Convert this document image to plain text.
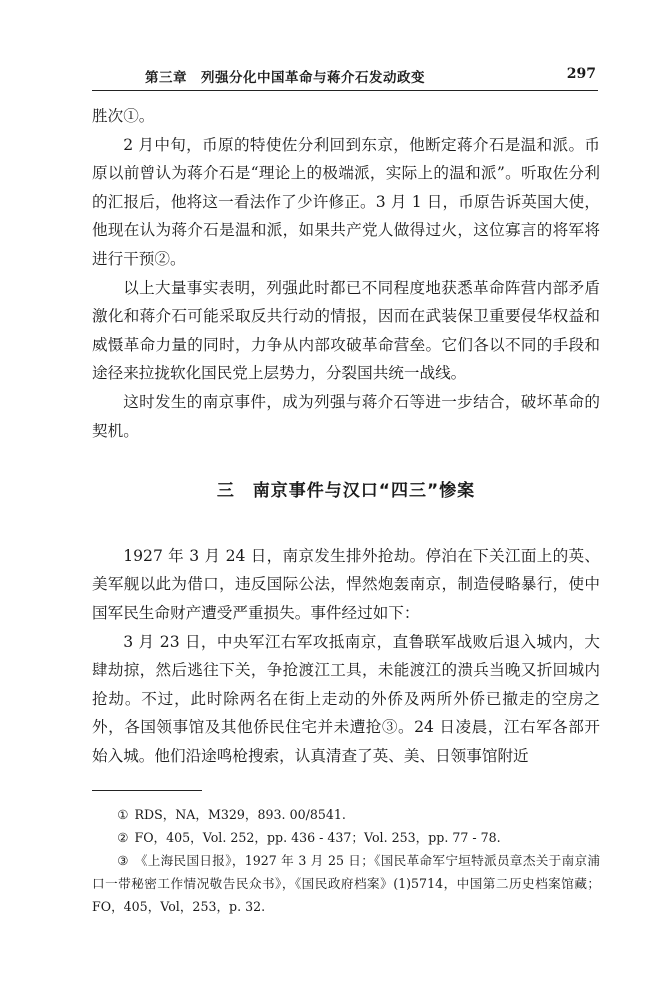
第三章　列强分化中国革命与蒋介石发动政变	297

胜次①。

2 月中旬，币原的特使佐分利回到东京，他断定蒋介石是温和派。币原以前曾认为蒋介石是“理论上的极端派，实际上的温和派”。听取佐分利的汇报后，他将这一看法作了少许修正。3 月 1 日，币原告诉英国大使，他现在认为蒋介石是温和派，如果共产党人做得过火，这位寡言的将军将进行干预②。

以上大量事实表明，列强此时都已不同程度地获悉革命阵营内部矛盾激化和蒋介石可能采取反共行动的情报，因而在武装保卫重要侵华权益和威慑革命力量的同时，力争从内部攻破革命营垒。它们各以不同的手段和途径来拉拢软化国民党上层势力，分裂国共统一战线。

这时发生的南京事件，成为列强与蒋介石等进一步结合，破坏革命的契机。

三　南京事件与汉口“四三”惨案

1927 年 3 月 24 日，南京发生排外抢劫。停泊在下关江面上的英、美军舰以此为借口，违反国际公法，悍然炮轰南京，制造侵略暴行，使中国军民生命财产遭受严重损失。事件经过如下：

3 月 23 日，中央军江右军攻抵南京，直鲁联军战败后退入城内，大肆劫掠，然后逃往下关，争抢渡江工具，未能渡江的溃兵当晚又折回城内抢劫。不过，此时除两名在街上走动的外侨及两所外侨已撤走的空房之外，各国领事馆及其他侨民住宅并未遭抢③。24 日凌晨，江右军各部开始入城。他们沿途鸣枪搜索，认真清查了英、美、日领事馆附近

① RDS，NA，M329，893. 00/8541.
② FO，405，Vol. 252，pp. 436 - 437；Vol. 253，pp. 77 - 78.
③ 《上海民国日报》，1927 年 3 月 25 日；《国民革命军宁垣特派员章杰关于南京浦口一带秘密工作情况敬告民众书》，《国民政府档案》(1)5714，中国第二历史档案馆藏；FO，405，Vol，253，p. 32.
